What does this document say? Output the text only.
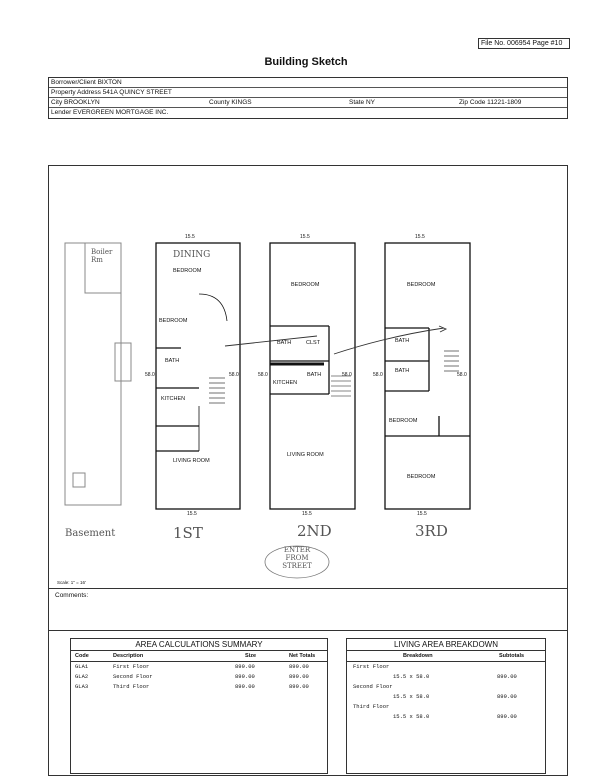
File No. 006954 Page #10
Building Sketch
Borrower/Client BIXTON
Property Address 541A QUINCY STREET
City BROOKLYN	County KINGS	State NY	Zip Code 11221-1809
Lender EVERGREEN MORTGAGE INC.
15.5
15.5
58.0	58.0
15.5
15.5
58.0	58.0
15.5
15.5
58.0	58.0
BEDROOM
BEDROOM
BATH
KITCHEN
LIVING ROOM
DINING
BEDROOM
BATH	CLST
BATH
KITCHEN
LIVING ROOM
ENTER FROM STREET
BEDROOM
BATH
BATH
BEDROOM
BEDROOM
Boiler Rm
Basement	1ST	2ND	3RD
Scale: 1" = 16'
Comments:
AREA CALCULATIONS SUMMARY
Code	Description	Size	Net Totals
GLA1	First Floor	899.00	899.00
GLA2	Second Floor	899.00	899.00
GLA3	Third Floor	899.00	899.00
LIVING AREA BREAKDOWN
Breakdown	Subtotals
First Floor
15.5 x 58.0	899.00
Second Floor
15.5 x 58.0	899.00
Third Floor
15.5 x 58.0	899.00
